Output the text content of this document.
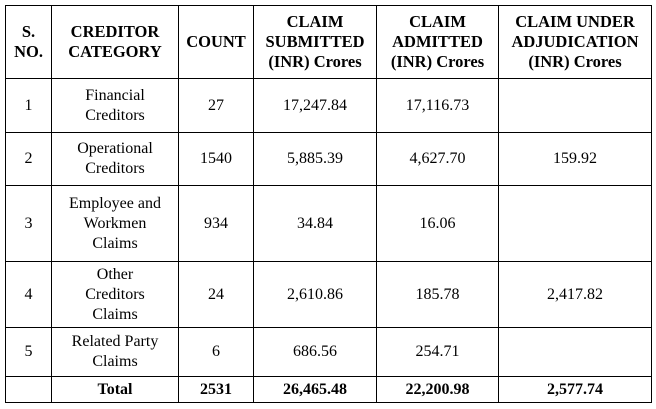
S.
NO.	CREDITOR
CATEGORY	COUNT	CLAIM
SUBMITTED
(INR) Crores	CLAIM
ADMITTED
(INR) Crores	CLAIM UNDER
ADJUDICATION
(INR) Crores
1	Financial
Creditors	27	17,247.84	17,116.73	
2	Operational
Creditors	1540	5,885.39	4,627.70	159.92
3	Employee and
Workmen
Claims	934	34.84	16.06	
4	Other
Creditors
Claims	24	2,610.86	185.78	2,417.82
5	Related Party
Claims	6	686.56	254.71	
	Total	2531	26,465.48	22,200.98	2,577.74
